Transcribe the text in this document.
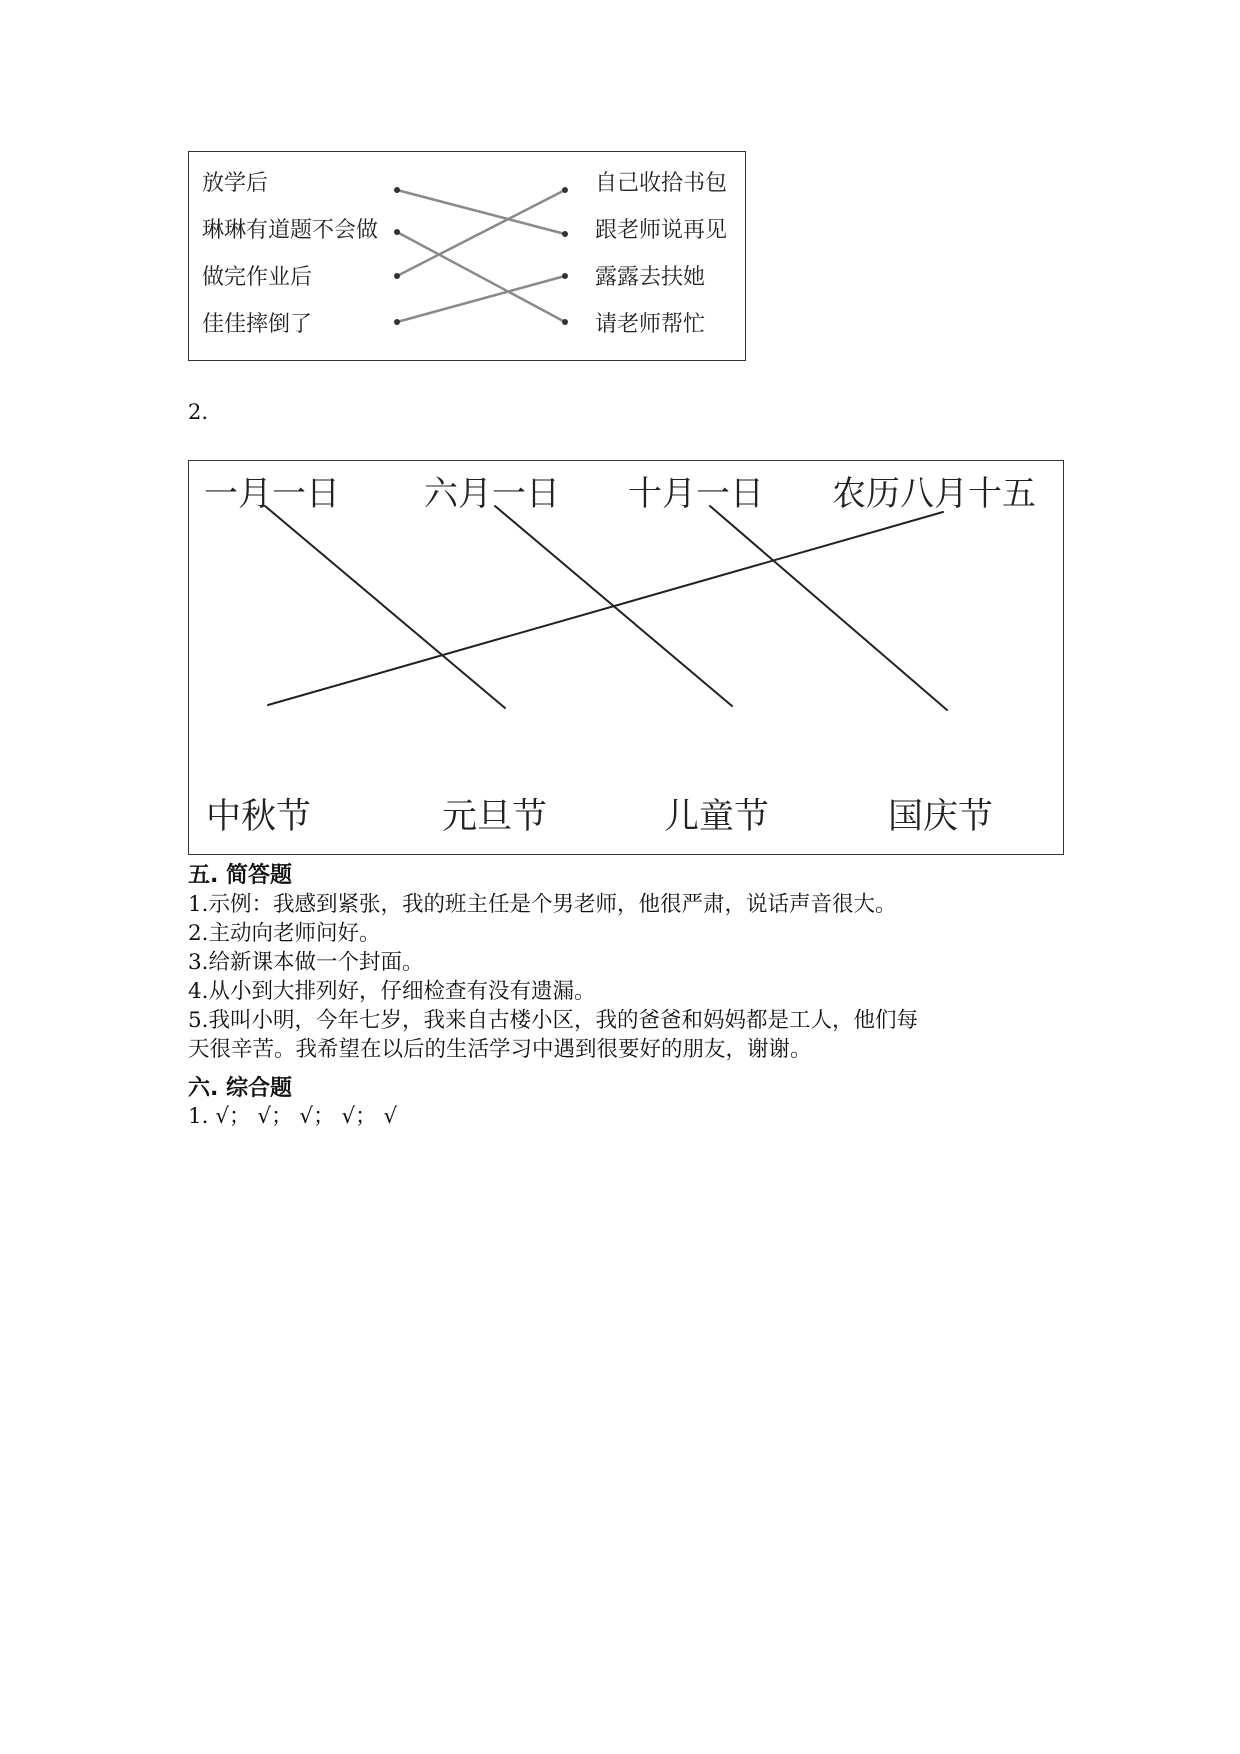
放学后
琳琳有道题不会做
做完作业后
佳佳摔倒了
自己收拾书包
跟老师说再见
露露去扶她
请老师帮忙
2.
一月一日 六月一日 十月一日 农历八月十五
中秋节	元旦节	儿童节	国庆节
五. 简答题
1.示例：我感到紧张，我的班主任是个男老师，他很严肃，说话声音很大。
2.主动向老师问好。
3.给新课本做一个封面。
4.从小到大排列好，仔细检查有没有遗漏。
5.我叫小明，今年七岁，我来自古楼小区，我的爸爸和妈妈都是工人，他们每
天很辛苦。我希望在以后的生活学习中遇到很要好的朋友，谢谢。
六. 综合题
1. √； √； √； √； √
